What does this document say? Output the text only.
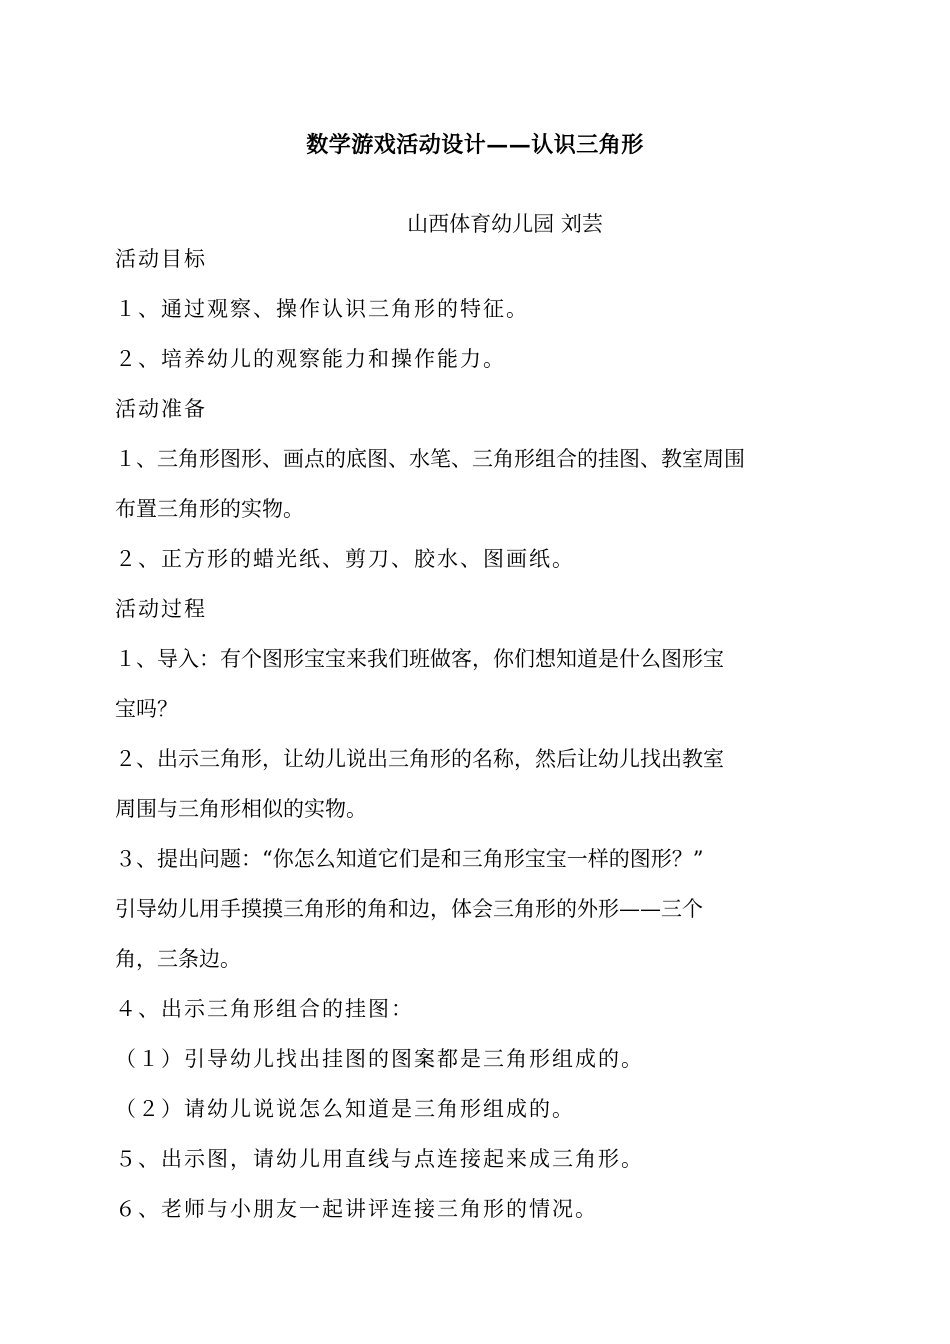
数学游戏活动设计——认识三角形
山西体育幼儿园 刘芸
活动目标
１、通过观察、操作认识三角形的特征。
２、培养幼儿的观察能力和操作能力。
活动准备
１、三角形图形、画点的底图、水笔、三角形组合的挂图、教室周围
布置三角形的实物。
２、正方形的蜡光纸、剪刀、胶水、图画纸。
活动过程
１、导入：有个图形宝宝来我们班做客，你们想知道是什么图形宝
宝吗？
２、出示三角形，让幼儿说出三角形的名称，然后让幼儿找出教室
周围与三角形相似的实物。
３、提出问题：“你怎么知道它们是和三角形宝宝一样的图形？”
引导幼儿用手摸摸三角形的角和边，体会三角形的外形——三个
角，三条边。
４、出示三角形组合的挂图：
（１）引导幼儿找出挂图的图案都是三角形组成的。
（２）请幼儿说说怎么知道是三角形组成的。
５、出示图，请幼儿用直线与点连接起来成三角形。
６、老师与小朋友一起讲评连接三角形的情况。
